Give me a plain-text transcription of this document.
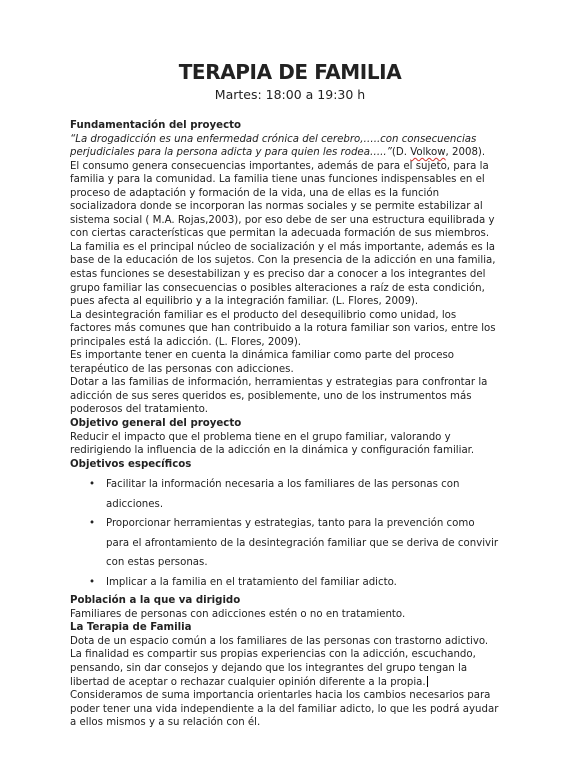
TERAPIA DE FAMILIA
Martes: 18:00 a 19:30 h

Fundamentación del proyecto

“La drogadicción es una enfermedad crónica del cerebro,…..con consecuencias perjudiciales para la persona adicta y para quien les rodea…..”(D. Volkow, 2008).

El consumo genera consecuencias importantes, además de para el sujeto, para la familia y para la comunidad. La familia tiene unas funciones indispensables en el proceso de adaptación y formación de la vida, una de ellas es la función socializadora donde se incorporan las normas sociales y se permite estabilizar al sistema social ( M.A. Rojas,2003), por eso debe de ser una estructura equilibrada y con ciertas características que permitan la adecuada formación de sus miembros. La familia es el principal núcleo de socialización y el más importante, además es la base de la educación de los sujetos. Con la presencia de la adicción en una familia, estas funciones se desestabilizan y es preciso dar a conocer a los integrantes del grupo familiar las consecuencias o posibles alteraciones a raíz de esta condición, pues afecta al equilibrio y a la integración familiar. (L. Flores, 2009).

La desintegración familiar es el producto del desequilibrio como unidad, los factores más comunes que han contribuido a la rotura familiar son varios, entre los principales está la adicción. (L. Flores, 2009).

Es importante tener en cuenta la dinámica familiar como parte del proceso terapéutico de las personas con adicciones.

Dotar a las familias de información, herramientas y estrategias para confrontar la adicción de sus seres queridos es, posiblemente, uno de los instrumentos más poderosos del tratamiento.

Objetivo general del proyecto

Reducir el impacto que el problema tiene en el grupo familiar, valorando y redirigiendo la influencia de la adicción en la dinámica y configuración familiar.

Objetivos específicos

• Facilitar la información necesaria a los familiares de las personas con adicciones.
• Proporcionar herramientas y estrategias, tanto para la prevención como para el afrontamiento de la desintegración familiar que se deriva de convivir con estas personas.
• Implicar a la familia en el tratamiento del familiar adicto.

Población a la que va dirigido

Familiares de personas con adicciones estén o no en tratamiento.

La Terapia de Familia

Dota de un espacio común a los familiares de las personas con trastorno adictivo.

La finalidad es compartir sus propias experiencias con la adicción, escuchando, pensando, sin dar consejos y dejando que los integrantes del grupo tengan la libertad de aceptar o rechazar cualquier opinión diferente a la propia.

Consideramos de suma importancia orientarles hacia los cambios necesarios para poder tener una vida independiente a la del familiar adicto, lo que les podrá ayudar a ellos mismos y a su relación con él.
